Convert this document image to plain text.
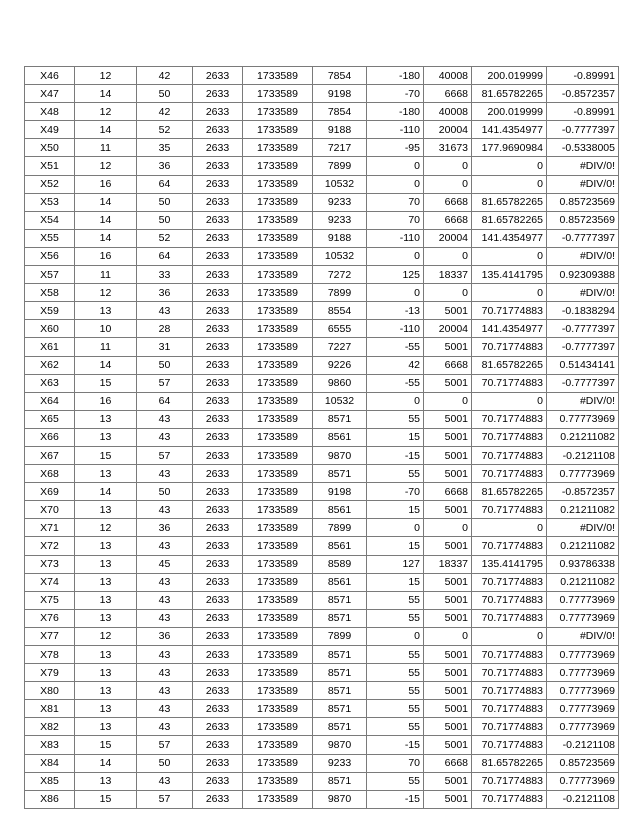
X46	12	42	2633	1733589	7854	-180	40008	200.019999	-0.89991
X47	14	50	2633	1733589	9198	-70	6668	81.65782265	-0.8572357
X48	12	42	2633	1733589	7854	-180	40008	200.019999	-0.89991
X49	14	52	2633	1733589	9188	-110	20004	141.4354977	-0.7777397
X50	11	35	2633	1733589	7217	-95	31673	177.9690984	-0.5338005
X51	12	36	2633	1733589	7899	0	0	0	#DIV/0!
X52	16	64	2633	1733589	10532	0	0	0	#DIV/0!
X53	14	50	2633	1733589	9233	70	6668	81.65782265	0.85723569
X54	14	50	2633	1733589	9233	70	6668	81.65782265	0.85723569
X55	14	52	2633	1733589	9188	-110	20004	141.4354977	-0.7777397
X56	16	64	2633	1733589	10532	0	0	0	#DIV/0!
X57	11	33	2633	1733589	7272	125	18337	135.4141795	0.92309388
X58	12	36	2633	1733589	7899	0	0	0	#DIV/0!
X59	13	43	2633	1733589	8554	-13	5001	70.71774883	-0.1838294
X60	10	28	2633	1733589	6555	-110	20004	141.4354977	-0.7777397
X61	11	31	2633	1733589	7227	-55	5001	70.71774883	-0.7777397
X62	14	50	2633	1733589	9226	42	6668	81.65782265	0.51434141
X63	15	57	2633	1733589	9860	-55	5001	70.71774883	-0.7777397
X64	16	64	2633	1733589	10532	0	0	0	#DIV/0!
X65	13	43	2633	1733589	8571	55	5001	70.71774883	0.77773969
X66	13	43	2633	1733589	8561	15	5001	70.71774883	0.21211082
X67	15	57	2633	1733589	9870	-15	5001	70.71774883	-0.2121108
X68	13	43	2633	1733589	8571	55	5001	70.71774883	0.77773969
X69	14	50	2633	1733589	9198	-70	6668	81.65782265	-0.8572357
X70	13	43	2633	1733589	8561	15	5001	70.71774883	0.21211082
X71	12	36	2633	1733589	7899	0	0	0	#DIV/0!
X72	13	43	2633	1733589	8561	15	5001	70.71774883	0.21211082
X73	13	45	2633	1733589	8589	127	18337	135.4141795	0.93786338
X74	13	43	2633	1733589	8561	15	5001	70.71774883	0.21211082
X75	13	43	2633	1733589	8571	55	5001	70.71774883	0.77773969
X76	13	43	2633	1733589	8571	55	5001	70.71774883	0.77773969
X77	12	36	2633	1733589	7899	0	0	0	#DIV/0!
X78	13	43	2633	1733589	8571	55	5001	70.71774883	0.77773969
X79	13	43	2633	1733589	8571	55	5001	70.71774883	0.77773969
X80	13	43	2633	1733589	8571	55	5001	70.71774883	0.77773969
X81	13	43	2633	1733589	8571	55	5001	70.71774883	0.77773969
X82	13	43	2633	1733589	8571	55	5001	70.71774883	0.77773969
X83	15	57	2633	1733589	9870	-15	5001	70.71774883	-0.2121108
X84	14	50	2633	1733589	9233	70	6668	81.65782265	0.85723569
X85	13	43	2633	1733589	8571	55	5001	70.71774883	0.77773969
X86	15	57	2633	1733589	9870	-15	5001	70.71774883	-0.2121108
